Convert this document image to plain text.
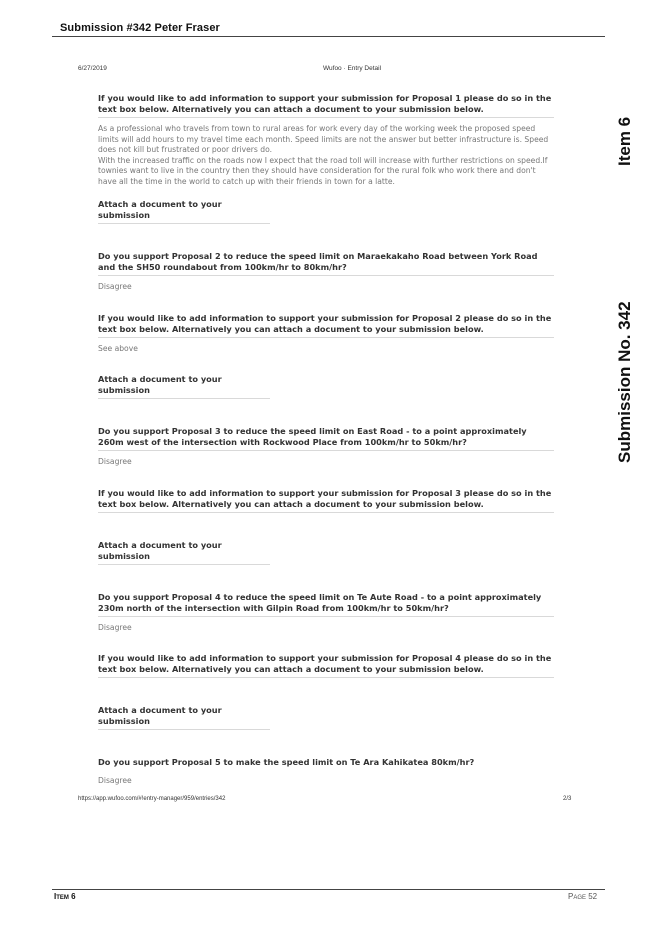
Submission #342 Peter Fraser
6/27/2019	Wufoo · Entry Detail
Item 6
Submission No. 342
If you would like to add information to support your submission for Proposal 1 please do so in the text box below. Alternatively you can attach a document to your submission below.
As a professional who travels from town to rural areas for work every day of the working week the proposed speed limits will add hours to my travel time each month. Speed limits are not the answer but better infrastructure is. Speed does not kill but frustrated or poor drivers do.
With the increased traffic on the roads now I expect that the road toll will increase with further restrictions on speed.If townies want to live in the country then they should have consideration for the rural folk who work there and don't have all the time in the world to catch up with their friends in town for a latte.
Attach a document to your submission
Do you support Proposal 2 to reduce the speed limit on Maraekakaho Road between York Road and the SH50 roundabout from 100km/hr to 80km/hr?
Disagree
If you would like to add information to support your submission for Proposal 2 please do so in the text box below. Alternatively you can attach a document to your submission below.
See above
Attach a document to your submission
Do you support Proposal 3 to reduce the speed limit on East Road - to a point approximately 260m west of the intersection with Rockwood Place from 100km/hr to 50km/hr?
Disagree
If you would like to add information to support your submission for Proposal 3 please do so in the text box below. Alternatively you can attach a document to your submission below.
Attach a document to your submission
Do you support Proposal 4 to reduce the speed limit on Te Aute Road - to a point approximately 230m north of the intersection with Gilpin Road from 100km/hr to 50km/hr?
Disagree
If you would like to add information to support your submission for Proposal 4 please do so in the text box below. Alternatively you can attach a document to your submission below.
Attach a document to your submission
Do you support Proposal 5 to make the speed limit on Te Ara Kahikatea 80km/hr?
Disagree
https://app.wufoo.com/#!entry-manager/959/entries/342	2/3
Item 6	Page 52
